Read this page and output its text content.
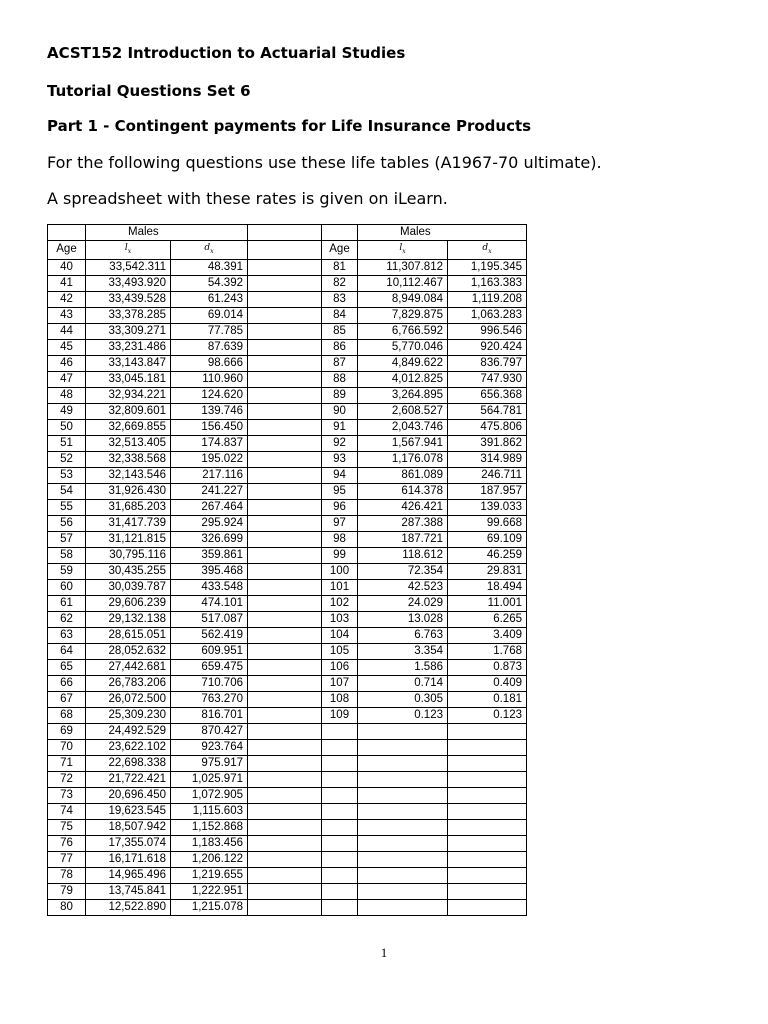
ACST152 Introduction to Actuarial Studies
Tutorial Questions Set 6
Part 1 - Contingent payments for Life Insurance Products
For the following questions use these life tables (A1967-70 ultimate).
A spreadsheet with these rates is given on iLearn.
	Males				Males	
Age	$l_x$	$d_x$		Age	$l_x$	$d_x$
40	33,542.311	48.391		81	11,307.812	1,195.345
41	33,493.920	54.392		82	10,112.467	1,163.383
42	33,439.528	61.243		83	8,949.084	1,119.208
43	33,378.285	69.014		84	7,829.875	1,063.283
44	33,309.271	77.785		85	6,766.592	996.546
45	33,231.486	87.639		86	5,770.046	920.424
46	33,143.847	98.666		87	4,849.622	836.797
47	33,045.181	110.960		88	4,012.825	747.930
48	32,934.221	124.620		89	3,264.895	656.368
49	32,809.601	139.746		90	2,608.527	564.781
50	32,669.855	156.450		91	2,043.746	475.806
51	32,513.405	174.837		92	1,567.941	391.862
52	32,338.568	195.022		93	1,176.078	314.989
53	32,143.546	217.116		94	861.089	246.711
54	31,926.430	241.227		95	614.378	187.957
55	31,685.203	267.464		96	426.421	139.033
56	31,417.739	295.924		97	287.388	99.668
57	31,121.815	326.699		98	187.721	69.109
58	30,795.116	359.861		99	118.612	46.259
59	30,435.255	395.468		100	72.354	29.831
60	30,039.787	433.548		101	42.523	18.494
61	29,606.239	474.101		102	24.029	11.001
62	29,132.138	517.087		103	13.028	6.265
63	28,615.051	562.419		104	6.763	3.409
64	28,052.632	609.951		105	3.354	1.768
65	27,442.681	659.475		106	1.586	0.873
66	26,783.206	710.706		107	0.714	0.409
67	26,072.500	763.270		108	0.305	0.181
68	25,309.230	816.701		109	0.123	0.123
69	24,492.529	870.427				
70	23,622.102	923.764				
71	22,698.338	975.917				
72	21,722.421	1,025.971				
73	20,696.450	1,072.905				
74	19,623.545	1,115.603				
75	18,507.942	1,152.868				
76	17,355.074	1,183.456				
77	16,171.618	1,206.122				
78	14,965.496	1,219.655				
79	13,745.841	1,222.951				
80	12,522.890	1,215.078				
1
